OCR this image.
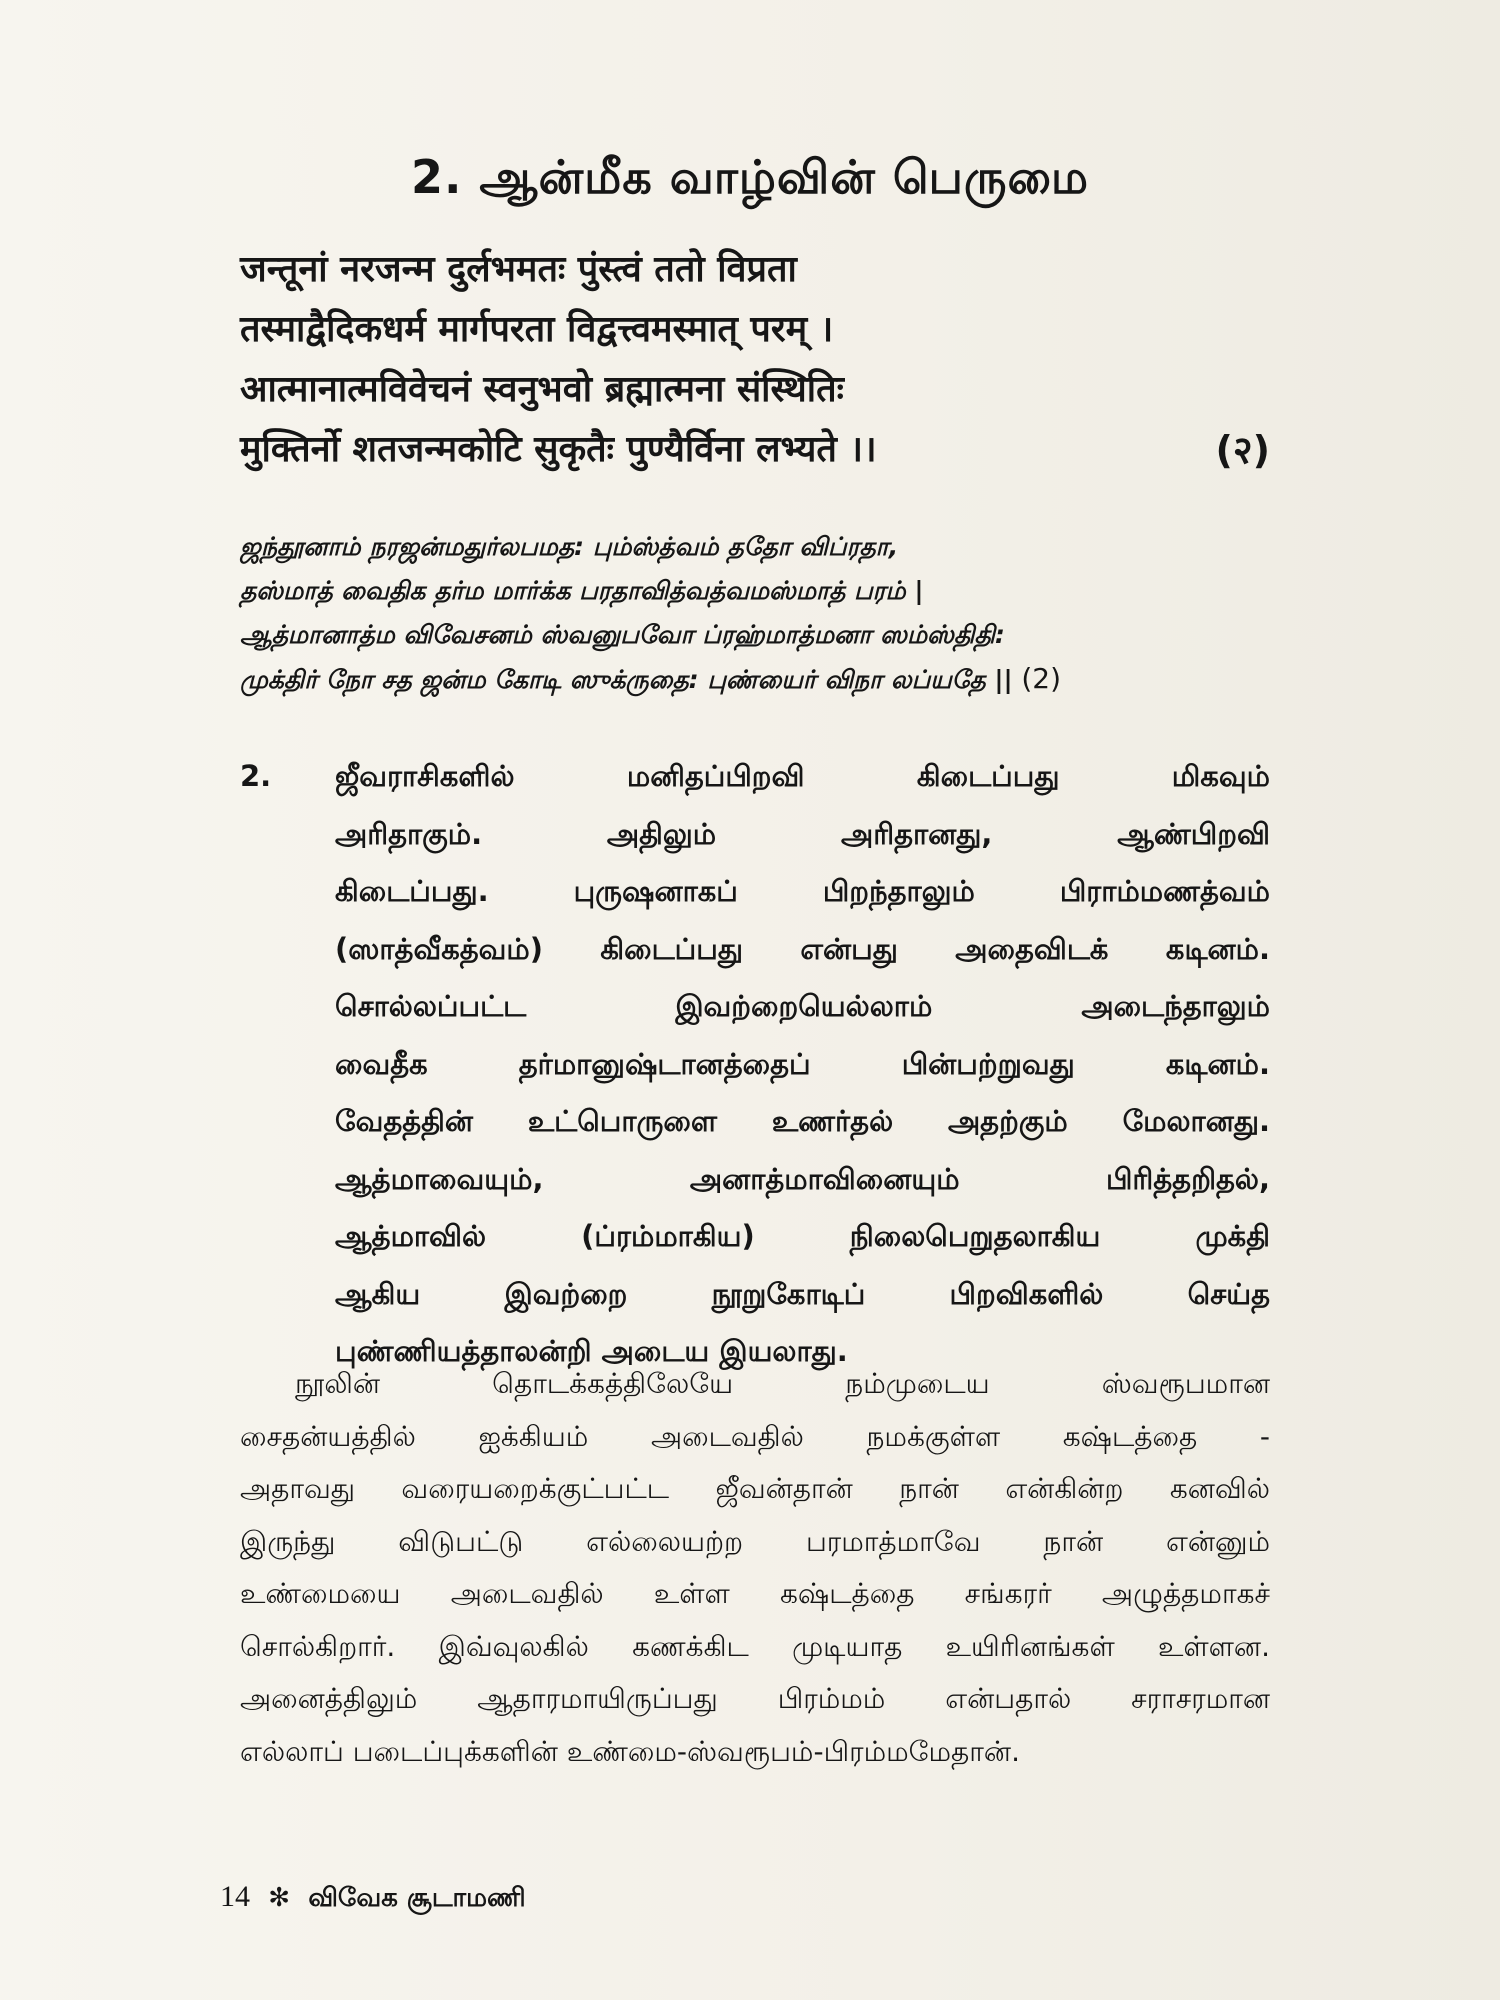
2. ஆன்மீக வாழ்வின் பெருமை
जन्तूनां नरजन्म दुर्लभमतः पुंस्त्वं ततो विप्रता
तस्माद्वैदिकधर्म मार्गपरता विद्वत्त्वमस्मात् परम् ।
आत्मानात्मविवेचनं स्वनुभवो ब्रह्मात्मना संस्थितिः
मुक्तिर्नो शतजन्मकोटि सुकृतैः पुण्यैर्विना लभ्यते ।।	(२)
ஜந்தூனாம் நரஜன்மதுர்லபமத: பும்ஸ்த்வம் ததோ விப்ரதா,
தஸ்மாத் வைதிக தர்ம மார்க்க பரதாவித்வத்வமஸ்மாத் பரம் |
ஆத்மானாத்ம விவேசனம் ஸ்வனுபவோ ப்ரஹ்மாத்மனா ஸம்ஸ்திதி:
முக்திர் நோ சத ஜன்ம கோடி ஸுக்ருதை: புண்யைர் விநா லப்யதே || (2)
2. ஜீவராசிகளில் மனிதப்பிறவி கிடைப்பது மிகவும்
அரிதாகும். அதிலும் அரிதானது, ஆண்பிறவி
கிடைப்பது. புருஷனாகப் பிறந்தாலும் பிராம்மணத்வம்
(ஸாத்வீகத்வம்) கிடைப்பது என்பது அதைவிடக் கடினம்.
சொல்லப்பட்ட இவற்றையெல்லாம் அடைந்தாலும்
வைதீக தர்மானுஷ்டானத்தைப் பின்பற்றுவது கடினம்.
வேதத்தின் உட்பொருளை உணர்தல் அதற்கும் மேலானது.
ஆத்மாவையும், அனாத்மாவினையும் பிரித்தறிதல்,
ஆத்மாவில் (ப்ரம்மாகிய) நிலைபெறுதலாகிய முக்தி
ஆகிய இவற்றை நூறுகோடிப் பிறவிகளில் செய்த
புண்ணியத்தாலன்றி அடைய இயலாது.
நூலின் தொடக்கத்திலேயே நம்முடைய ஸ்வரூபமான
சைதன்யத்தில் ஐக்கியம் அடைவதில் நமக்குள்ள கஷ்டத்தை -
அதாவது வரையறைக்குட்பட்ட ஜீவன்தான் நான் என்கின்ற கனவில்
இருந்து விடுபட்டு எல்லையற்ற பரமாத்மாவே நான் என்னும்
உண்மையை அடைவதில் உள்ள கஷ்டத்தை சங்கரர் அழுத்தமாகச்
சொல்கிறார். இவ்வுலகில் கணக்கிட முடியாத உயிரினங்கள் உள்ளன.
அனைத்திலும் ஆதாரமாயிருப்பது பிரம்மம் என்பதால் சராசரமான
எல்லாப் படைப்புக்களின் உண்மை-ஸ்வரூபம்-பிரம்மமேதான்.
14 ✻ விவேக சூடாமணி
